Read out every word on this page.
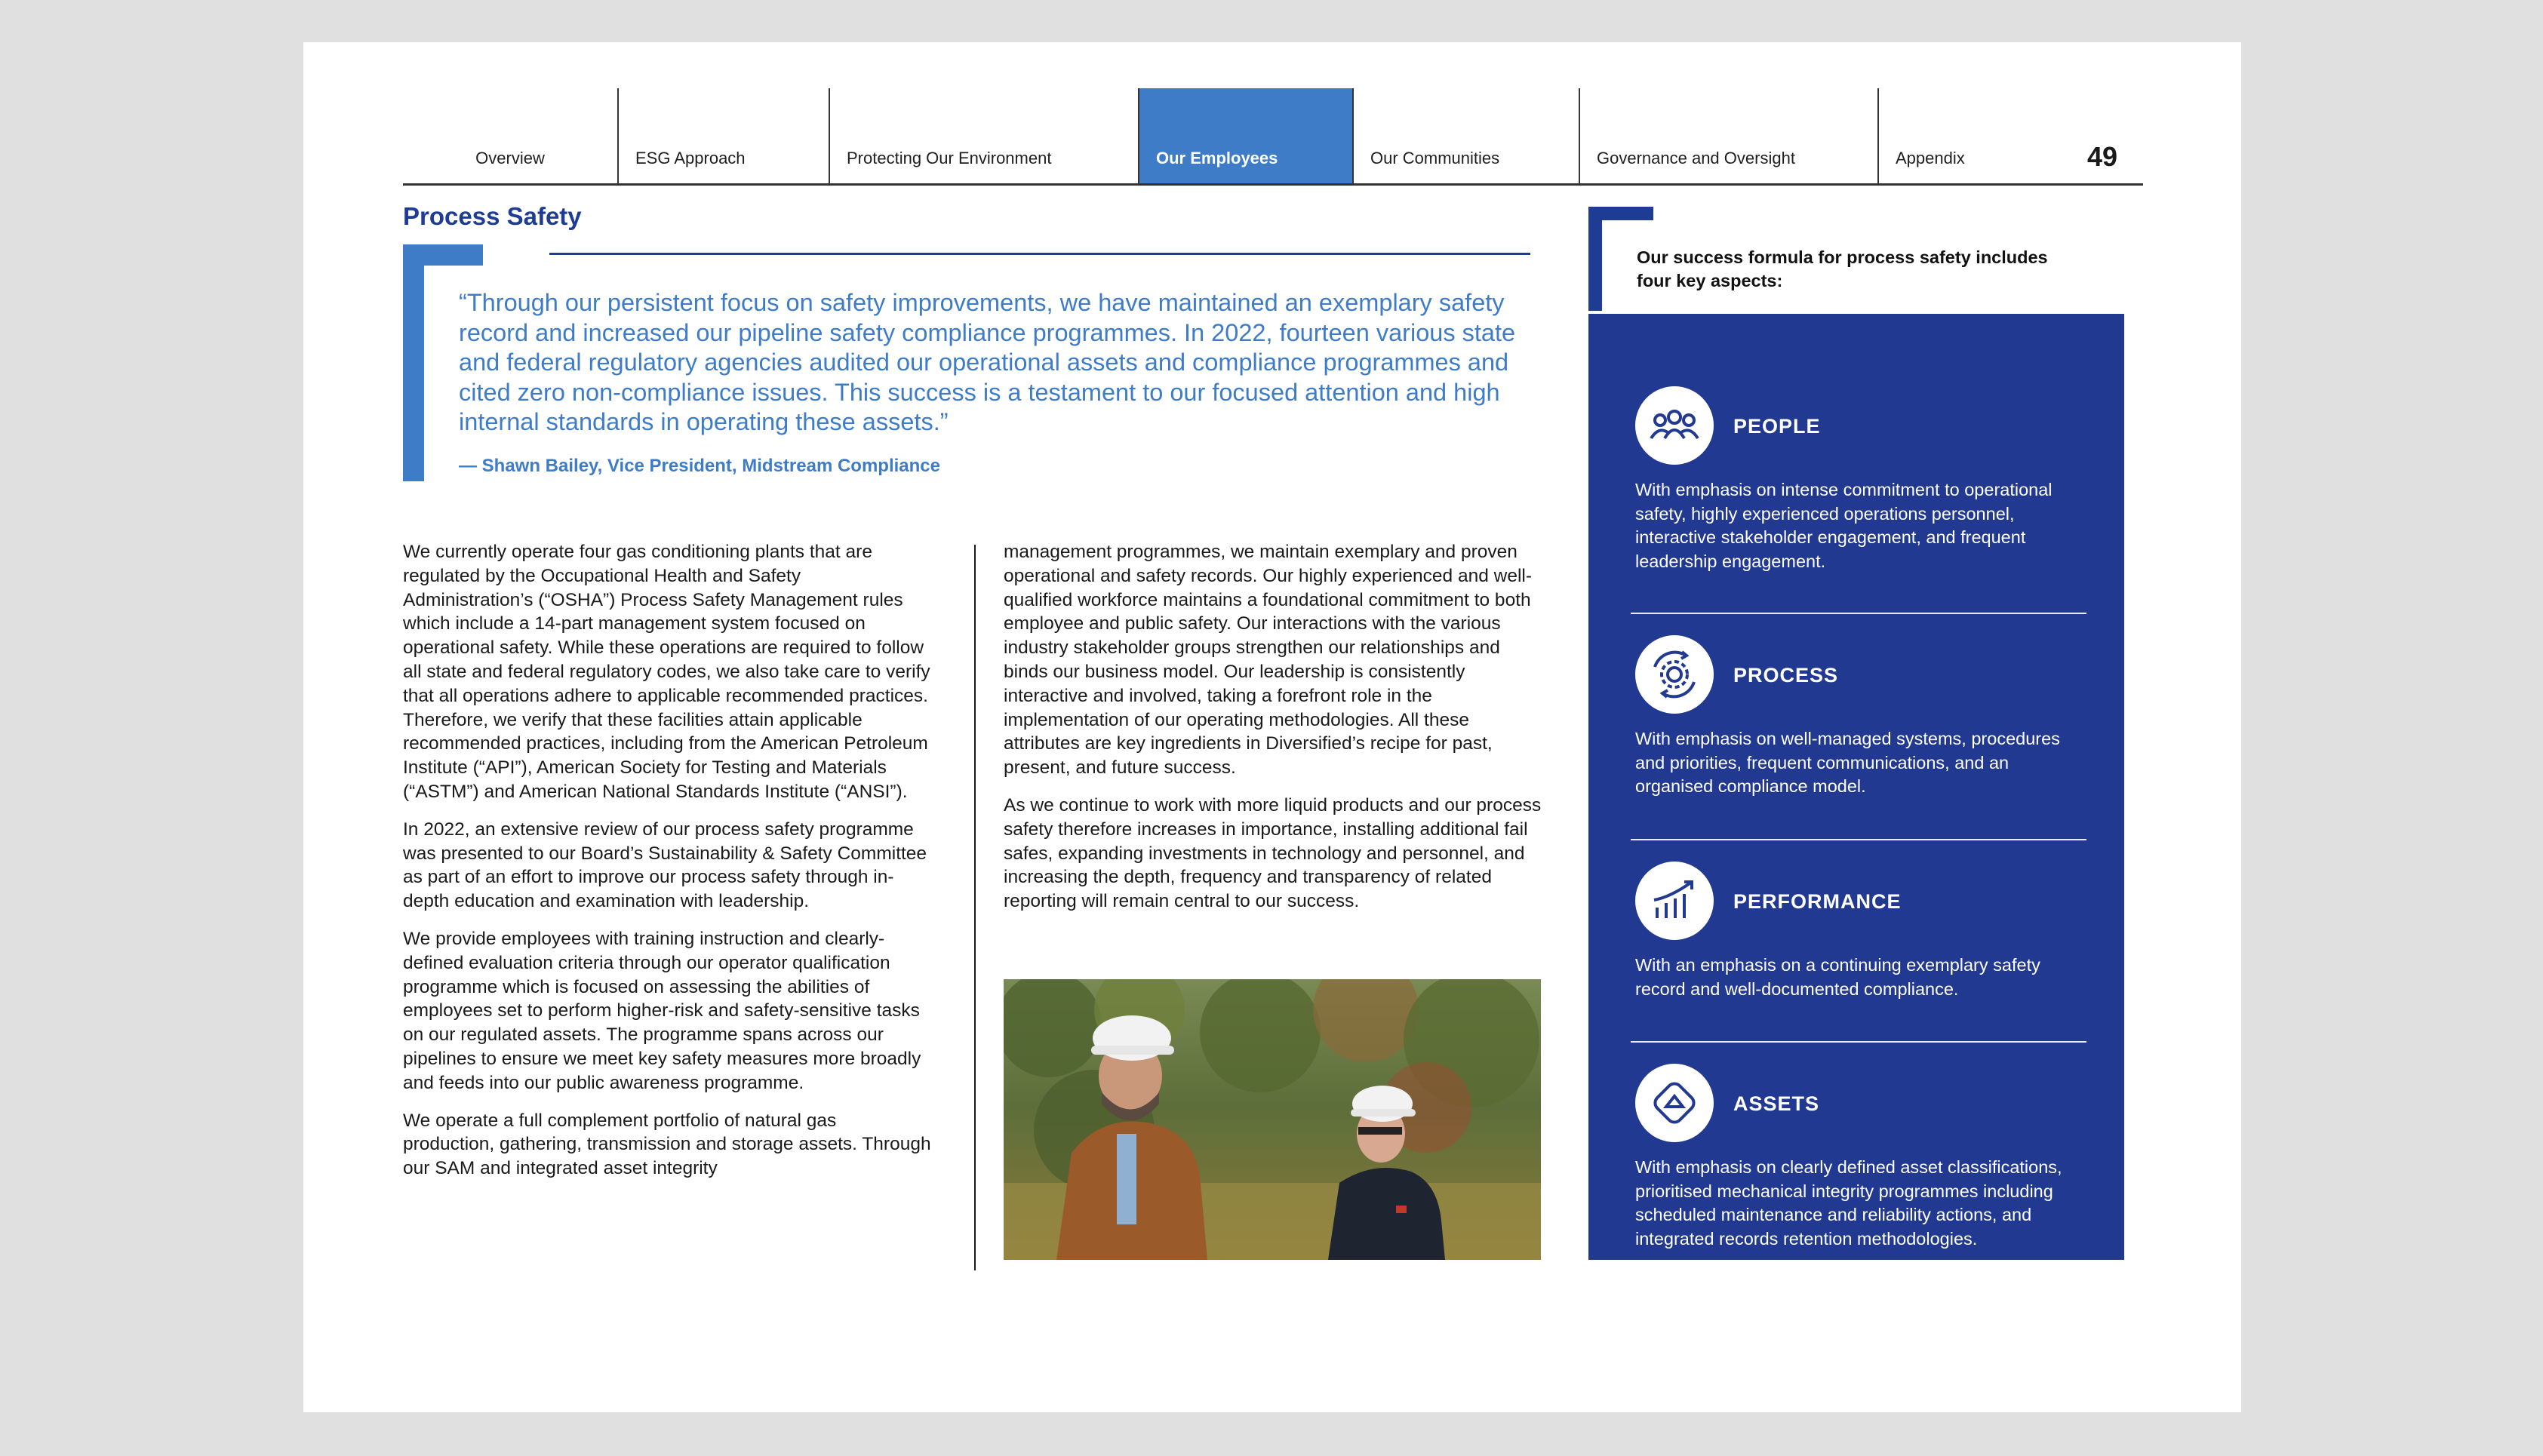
Overview	ESG Approach	Protecting Our Environment	Our Employees	Our Communities	Governance and Oversight	Appendix	49
Process Safety
“Through our persistent focus on safety improvements, we have maintained an exemplary safety record and increased our pipeline safety compliance programmes. In 2022, fourteen various state and federal regulatory agencies audited our operational assets and compliance programmes and cited zero non-compliance issues. This success is a testament to our focused attention and high internal standards in operating these assets.”
— Shawn Bailey, Vice President, Midstream Compliance

We currently operate four gas conditioning plants that are regulated by the Occupational Health and Safety Administration’s (“OSHA”) Process Safety Management rules which include a 14-part management system focused on operational safety. While these operations are required to follow all state and federal regulatory codes, we also take care to verify that all operations adhere to applicable recommended practices. Therefore, we verify that these facilities attain applicable recommended practices, including from the American Petroleum Institute (“API”), American Society for Testing and Materials (“ASTM”) and American National Standards Institute (“ANSI”).

In 2022, an extensive review of our process safety programme was presented to our Board’s Sustainability & Safety Committee as part of an effort to improve our process safety through in-depth education and examination with leadership.

We provide employees with training instruction and clearly-defined evaluation criteria through our operator qualification programme which is focused on assessing the abilities of employees set to perform higher-risk and safety-sensitive tasks on our regulated assets. The programme spans across our pipelines to ensure we meet key safety measures more broadly and feeds into our public awareness programme.

We operate a full complement portfolio of natural gas production, gathering, transmission and storage assets. Through our SAM and integrated asset integrity

management programmes, we maintain exemplary and proven operational and safety records. Our highly experienced and well-qualified workforce maintains a foundational commitment to both employee and public safety. Our interactions with the various industry stakeholder groups strengthen our relationships and binds our business model. Our leadership is consistently interactive and involved, taking a forefront role in the implementation of our operating methodologies. All these attributes are key ingredients in Diversified’s recipe for past, present, and future success.

As we continue to work with more liquid products and our process safety therefore increases in importance, installing additional fail safes, expanding investments in technology and personnel, and increasing the depth, frequency and transparency of related reporting will remain central to our success.

Our success formula for process safety includes four key aspects:
PEOPLE
With emphasis on intense commitment to operational safety, highly experienced operations personnel, interactive stakeholder engagement, and frequent leadership engagement.
PROCESS
With emphasis on well-managed systems, procedures and priorities, frequent communications, and an organised compliance model.
PERFORMANCE
With an emphasis on a continuing exemplary safety record and well-documented compliance.
ASSETS
With emphasis on clearly defined asset classifications, prioritised mechanical integrity programmes including scheduled maintenance and reliability actions, and integrated records retention methodologies.
